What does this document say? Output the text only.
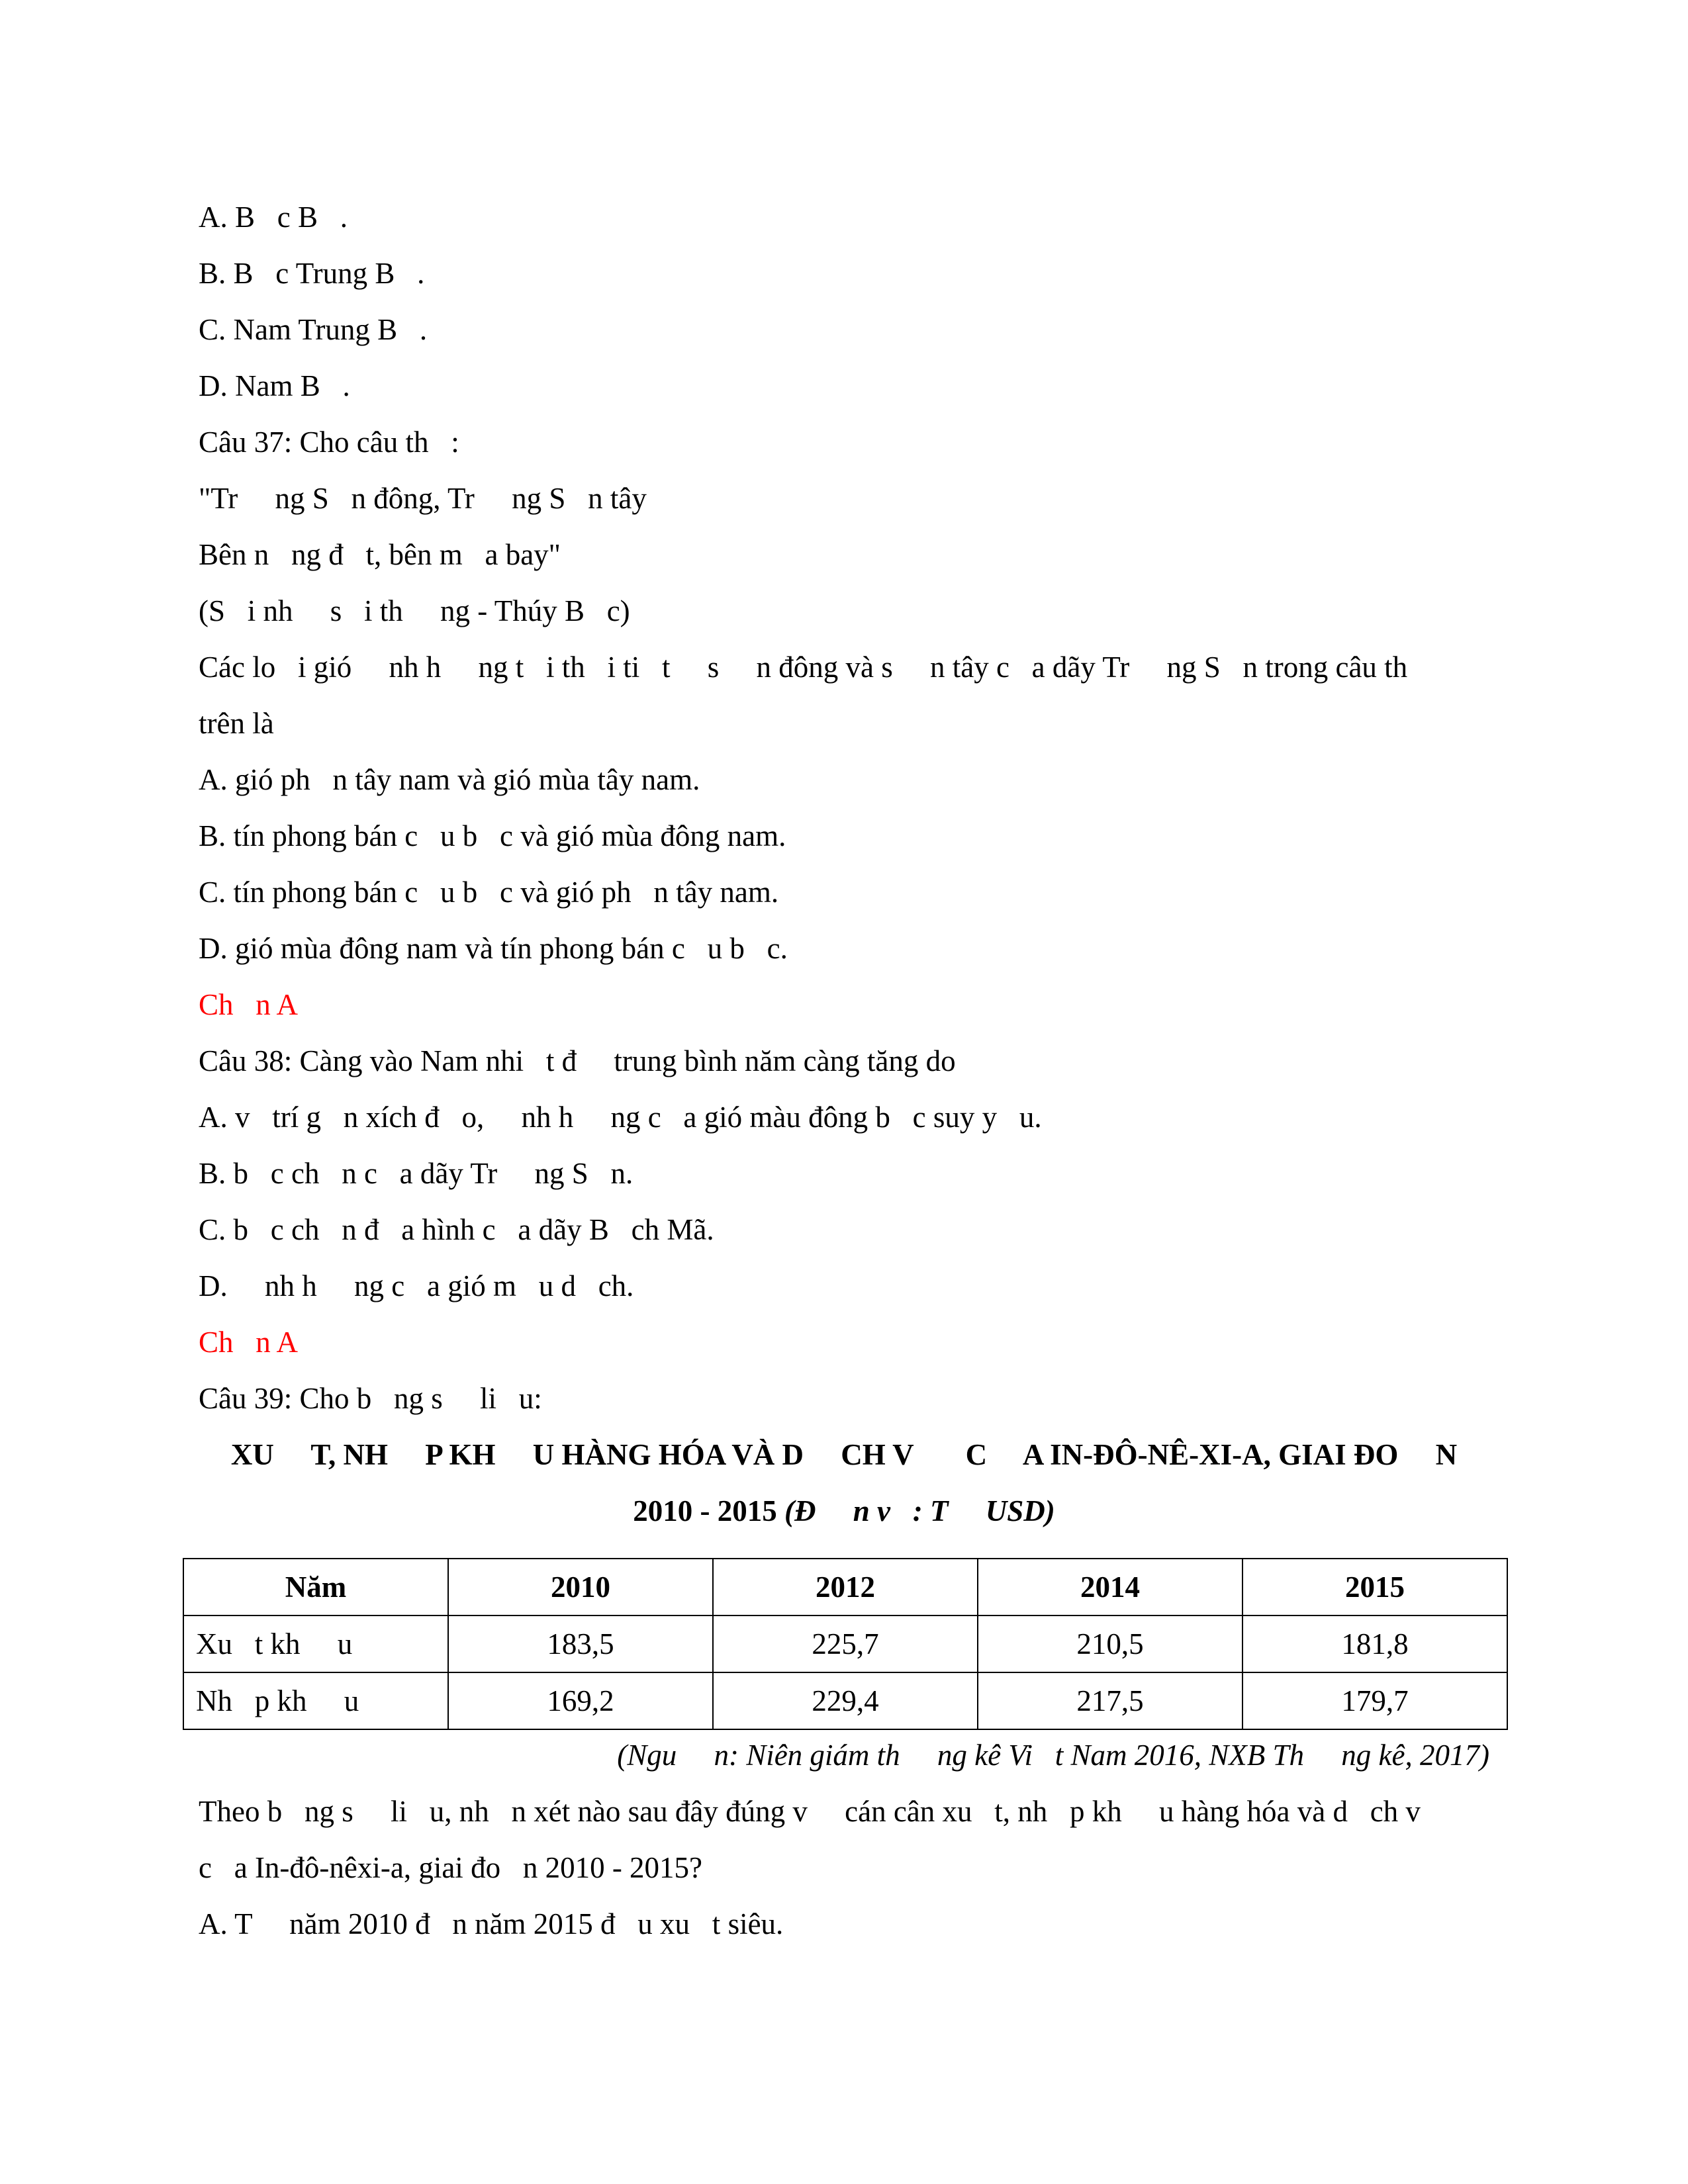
A. B   c B   .
B. B   c Trung B   .
C. Nam Trung B   .
D. Nam B   .
Câu 37: Cho câu th   :
"Tr     ng S   n đông, Tr     ng S   n tây
Bên n   ng đ   t, bên m   a bay"
(S   i nh     s   i th     ng - Thúy B   c)
Các lo   i gió     nh h     ng t   i th   i ti   t     s     n đông và s     n tây c   a dãy Tr     ng S   n trong câu th
trên là
A. gió ph   n tây nam và gió mùa tây nam.
B. tín phong bán c   u b   c và gió mùa đông nam.
C. tín phong bán c   u b   c và gió ph   n tây nam.
D. gió mùa đông nam và tín phong bán c   u b   c.
Ch   n A
Câu 38: Càng vào Nam nhi   t đ     trung bình năm càng tăng do
A. v   trí g   n xích đ   o,     nh h     ng c   a gió màu đông b   c suy y   u.
B. b   c ch   n c   a dãy Tr     ng S   n.
C. b   c ch   n đ   a hình c   a dãy B   ch Mã.
D.     nh h     ng c   a gió m   u d   ch.
Ch   n A
Câu 39: Cho b   ng s     li   u:
XU     T, NH     P KH     U HÀNG HÓA VÀ D     CH V       C     A IN-ĐÔ-NÊ-XI-A, GIAI ĐO     N
2010 - 2015 (Đ     n v   : T     USD)
Năm	2010	2012	2014	2015
Xu   t kh     u	183,5	225,7	210,5	181,8
Nh   p kh     u	169,2	229,4	217,5	179,7
(Ngu     n: Niên giám th     ng kê Vi   t Nam 2016, NXB Th     ng kê, 2017)
Theo b   ng s     li   u, nh   n xét nào sau đây đúng v     cán cân xu   t, nh   p kh     u hàng hóa và d   ch v
c   a In-đô-nêxi-a, giai đo   n 2010 - 2015?
A. T     năm 2010 đ   n năm 2015 đ   u xu   t siêu.
